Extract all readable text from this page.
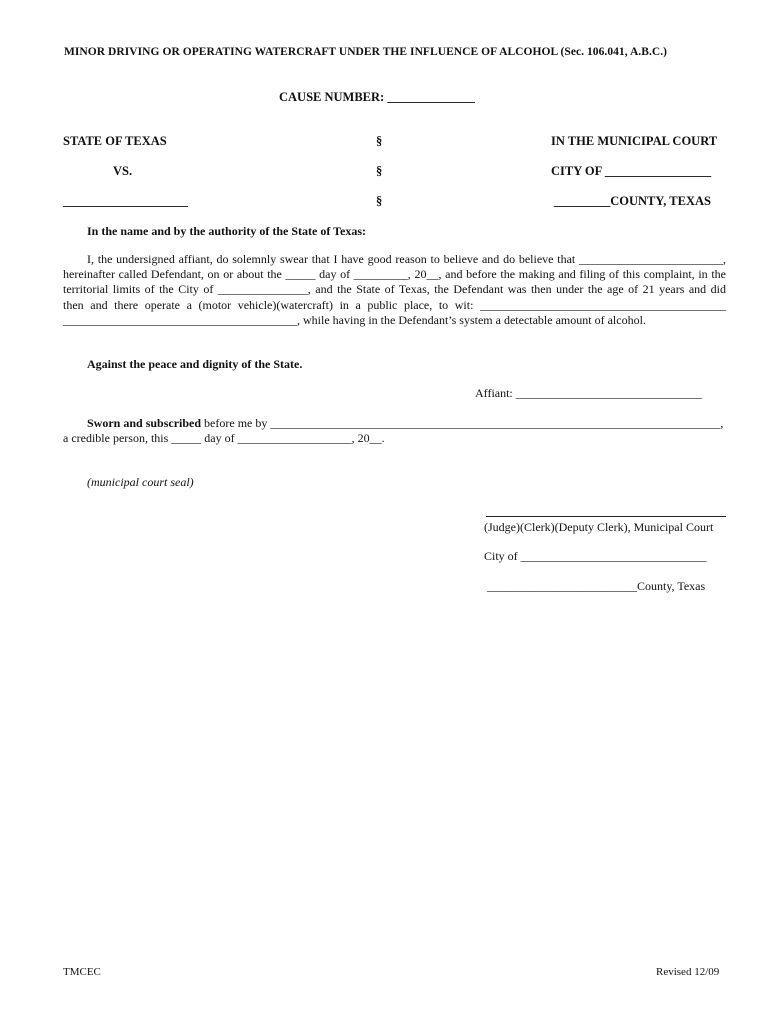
MINOR DRIVING OR OPERATING WATERCRAFT UNDER THE INFLUENCE OF ALCOHOL (Sec. 106.041, A.B.C.)
CAUSE NUMBER: ______________
STATE OF TEXAS
VS.
____________________
§
§
§
IN THE MUNICIPAL COURT
CITY OF _________________
_________COUNTY, TEXAS
In the name and by the authority of the State of Texas:
I, the undersigned affiant, do solemnly swear that I have good reason to believe and do believe that ________________________,
hereinafter called Defendant, on or about the _____ day of _________, 20__, and before the making and filing of this complaint, in the
territorial limits of the City of _______________, and the State of Texas, the Defendant was then under the age of 21 years and did
then and there operate a (motor vehicle)(watercraft) in a public place, to wit: _________________________________________
_______________________________________, while having in the Defendant’s system a detectable amount of alcohol.
Against the peace and dignity of the State.
Affiant: _______________________________
Sworn and subscribed before me by ___________________________________________________________________________,
a credible person, this _____ day of ___________________, 20__.
(municipal court seal)
(Judge)(Clerk)(Deputy Clerk), Municipal Court
City of _______________________________
_________________________County, Texas
TMCEC	Revised 12/09
